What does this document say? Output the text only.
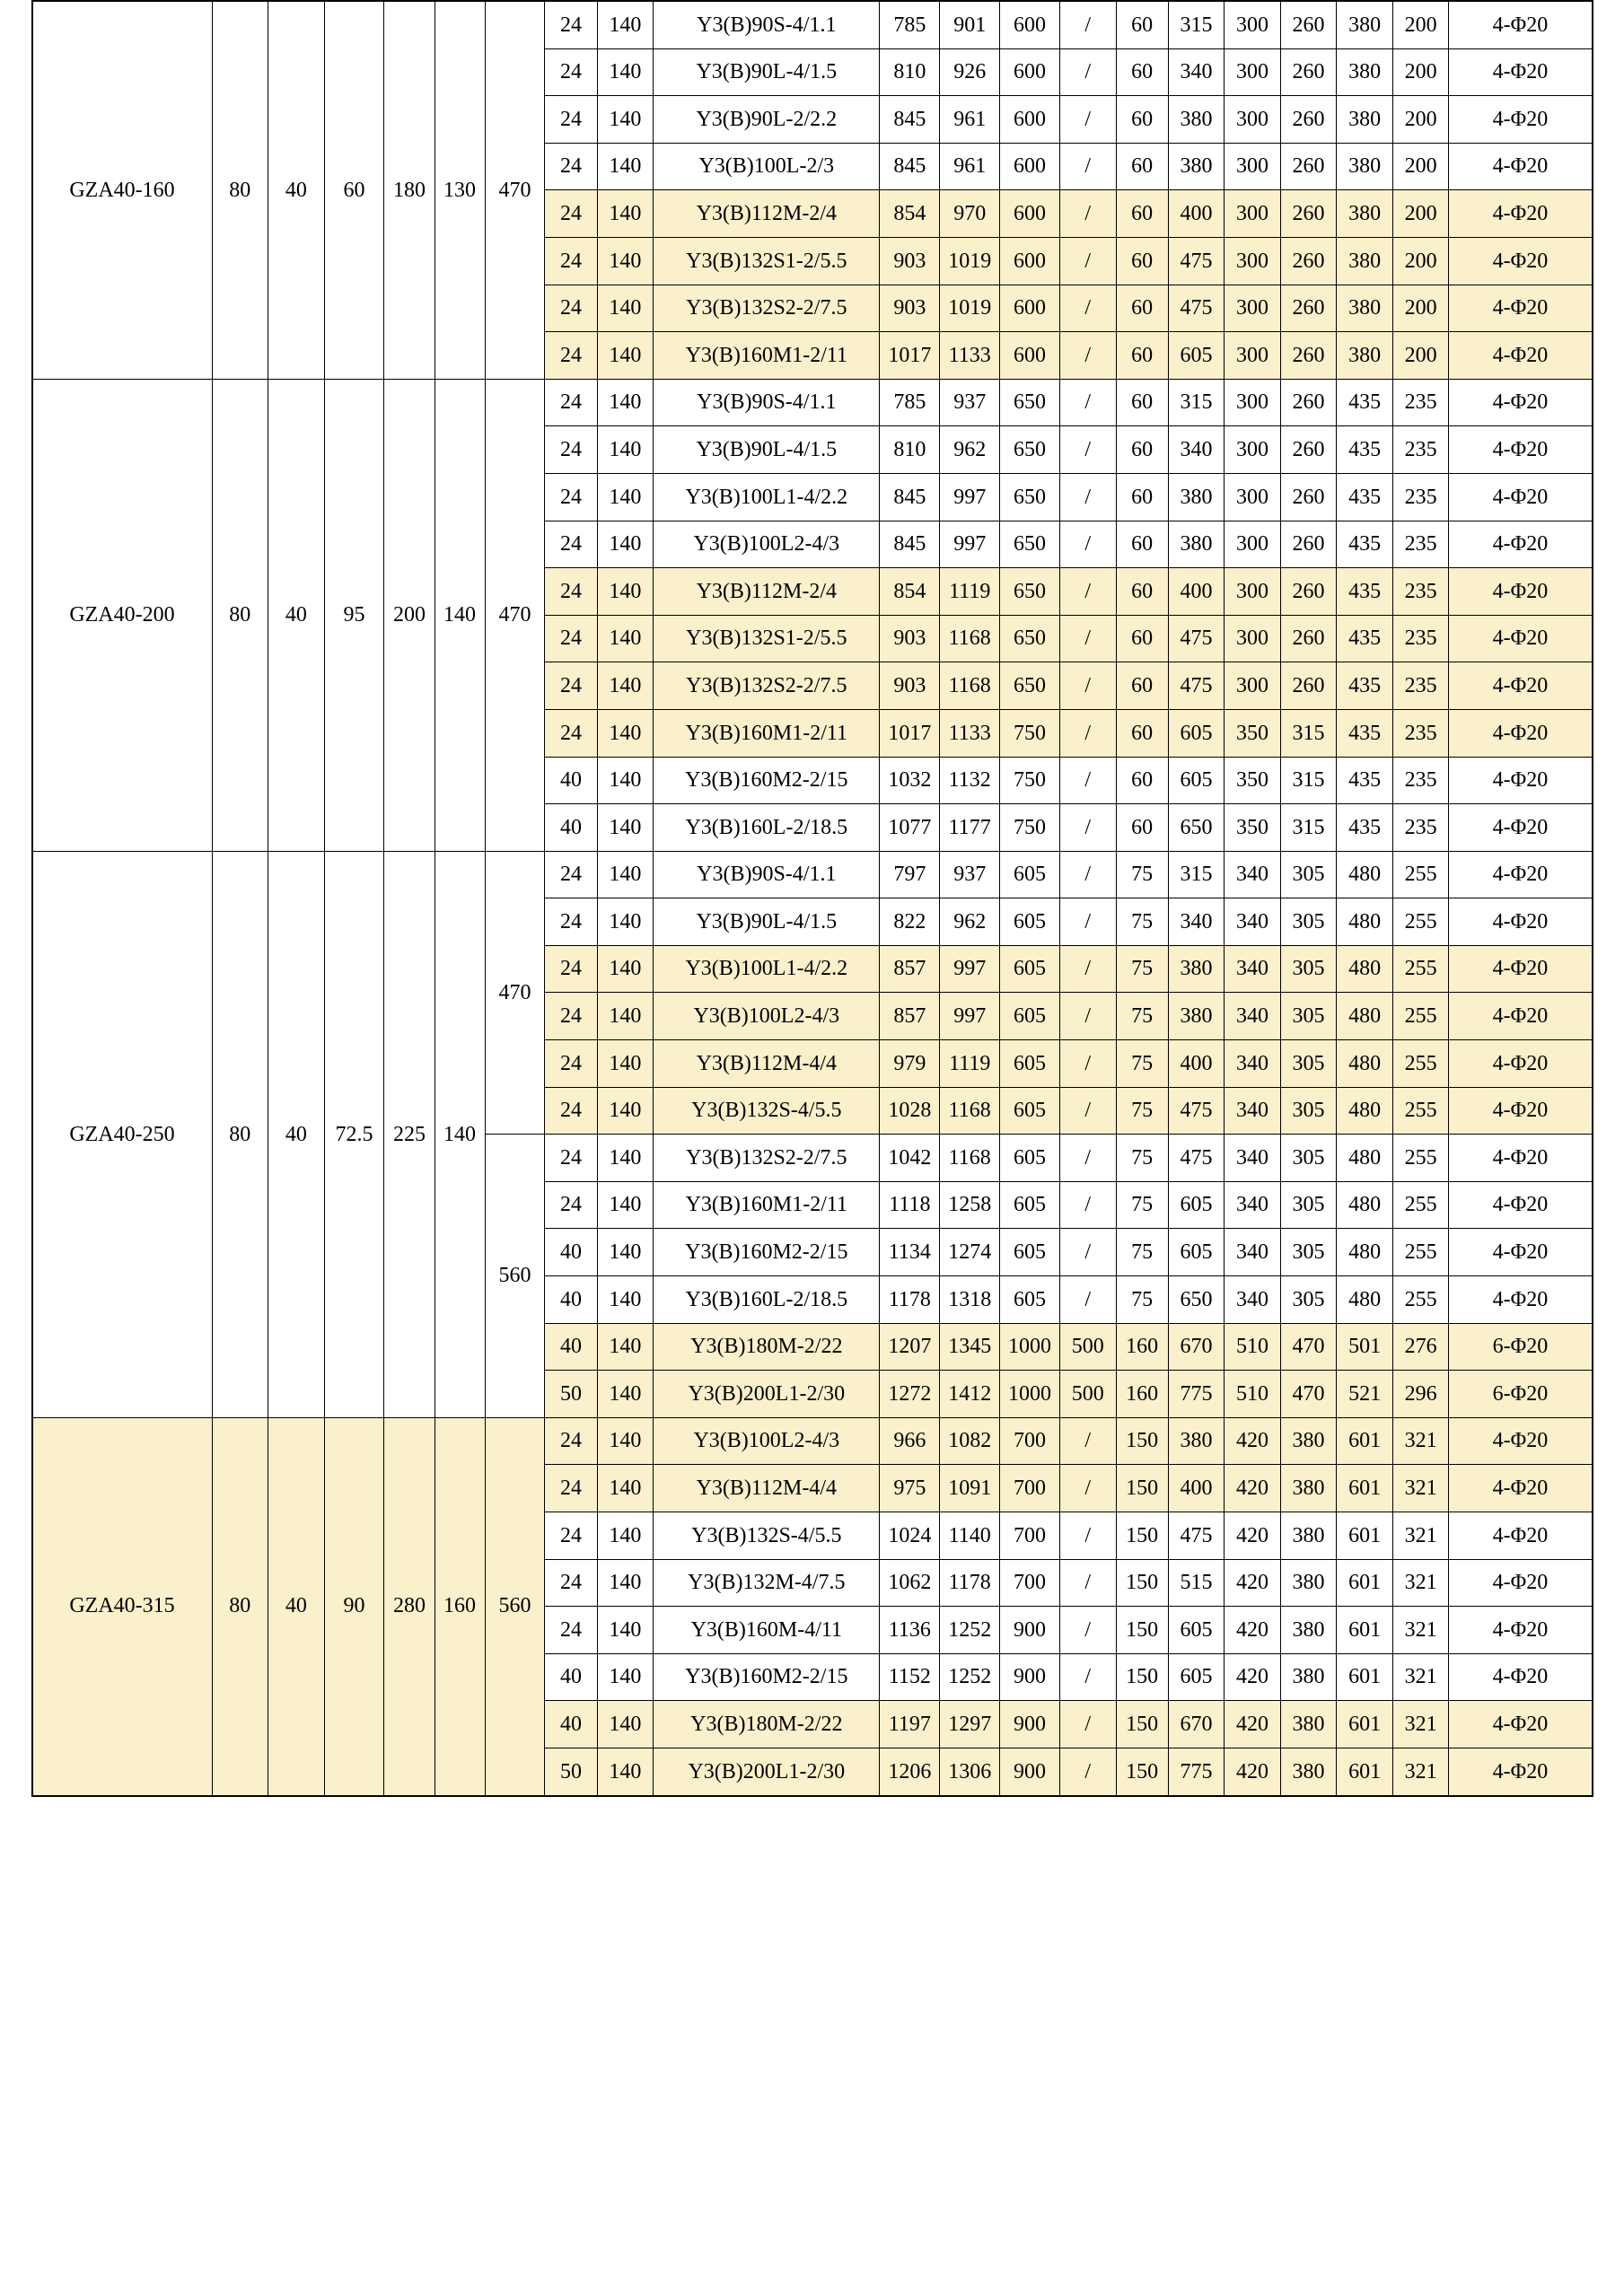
GZA40-160	80	40	60	180	130	470	24	140	Y3(B)90S-4/1.1	785	901	600	/	60	315	300	260	380	200	4-Φ20
							24	140	Y3(B)90L-4/1.5	810	926	600	/	60	340	300	260	380	200	4-Φ20
							24	140	Y3(B)90L-2/2.2	845	961	600	/	60	380	300	260	380	200	4-Φ20
							24	140	Y3(B)100L-2/3	845	961	600	/	60	380	300	260	380	200	4-Φ20
							24	140	Y3(B)112M-2/4	854	970	600	/	60	400	300	260	380	200	4-Φ20
							24	140	Y3(B)132S1-2/5.5	903	1019	600	/	60	475	300	260	380	200	4-Φ20
							24	140	Y3(B)132S2-2/7.5	903	1019	600	/	60	475	300	260	380	200	4-Φ20
							24	140	Y3(B)160M1-2/11	1017	1133	600	/	60	605	300	260	380	200	4-Φ20
GZA40-200	80	40	95	200	140	470	24	140	Y3(B)90S-4/1.1	785	937	650	/	60	315	300	260	435	235	4-Φ20
							24	140	Y3(B)90L-4/1.5	810	962	650	/	60	340	300	260	435	235	4-Φ20
							24	140	Y3(B)100L1-4/2.2	845	997	650	/	60	380	300	260	435	235	4-Φ20
							24	140	Y3(B)100L2-4/3	845	997	650	/	60	380	300	260	435	235	4-Φ20
							24	140	Y3(B)112M-2/4	854	1119	650	/	60	400	300	260	435	235	4-Φ20
							24	140	Y3(B)132S1-2/5.5	903	1168	650	/	60	475	300	260	435	235	4-Φ20
							24	140	Y3(B)132S2-2/7.5	903	1168	650	/	60	475	300	260	435	235	4-Φ20
							24	140	Y3(B)160M1-2/11	1017	1133	750	/	60	605	350	315	435	235	4-Φ20
							40	140	Y3(B)160M2-2/15	1032	1132	750	/	60	605	350	315	435	235	4-Φ20
							40	140	Y3(B)160L-2/18.5	1077	1177	750	/	60	650	350	315	435	235	4-Φ20
GZA40-250	80	40	72.5	225	140	470	24	140	Y3(B)90S-4/1.1	797	937	605	/	75	315	340	305	480	255	4-Φ20
							24	140	Y3(B)90L-4/1.5	822	962	605	/	75	340	340	305	480	255	4-Φ20
							24	140	Y3(B)100L1-4/2.2	857	997	605	/	75	380	340	305	480	255	4-Φ20
							24	140	Y3(B)100L2-4/3	857	997	605	/	75	380	340	305	480	255	4-Φ20
							24	140	Y3(B)112M-4/4	979	1119	605	/	75	400	340	305	480	255	4-Φ20
							24	140	Y3(B)132S-4/5.5	1028	1168	605	/	75	475	340	305	480	255	4-Φ20
						560	24	140	Y3(B)132S2-2/7.5	1042	1168	605	/	75	475	340	305	480	255	4-Φ20
							24	140	Y3(B)160M1-2/11	1118	1258	605	/	75	605	340	305	480	255	4-Φ20
							40	140	Y3(B)160M2-2/15	1134	1274	605	/	75	605	340	305	480	255	4-Φ20
							40	140	Y3(B)160L-2/18.5	1178	1318	605	/	75	650	340	305	480	255	4-Φ20
							40	140	Y3(B)180M-2/22	1207	1345	1000	500	160	670	510	470	501	276	6-Φ20
							50	140	Y3(B)200L1-2/30	1272	1412	1000	500	160	775	510	470	521	296	6-Φ20
GZA40-315	80	40	90	280	160	560	24	140	Y3(B)100L2-4/3	966	1082	700	/	150	380	420	380	601	321	4-Φ20
							24	140	Y3(B)112M-4/4	975	1091	700	/	150	400	420	380	601	321	4-Φ20
							24	140	Y3(B)132S-4/5.5	1024	1140	700	/	150	475	420	380	601	321	4-Φ20
							24	140	Y3(B)132M-4/7.5	1062	1178	700	/	150	515	420	380	601	321	4-Φ20
							24	140	Y3(B)160M-4/11	1136	1252	900	/	150	605	420	380	601	321	4-Φ20
							40	140	Y3(B)160M2-2/15	1152	1252	900	/	150	605	420	380	601	321	4-Φ20
							40	140	Y3(B)180M-2/22	1197	1297	900	/	150	670	420	380	601	321	4-Φ20
							50	140	Y3(B)200L1-2/30	1206	1306	900	/	150	775	420	380	601	321	4-Φ20
